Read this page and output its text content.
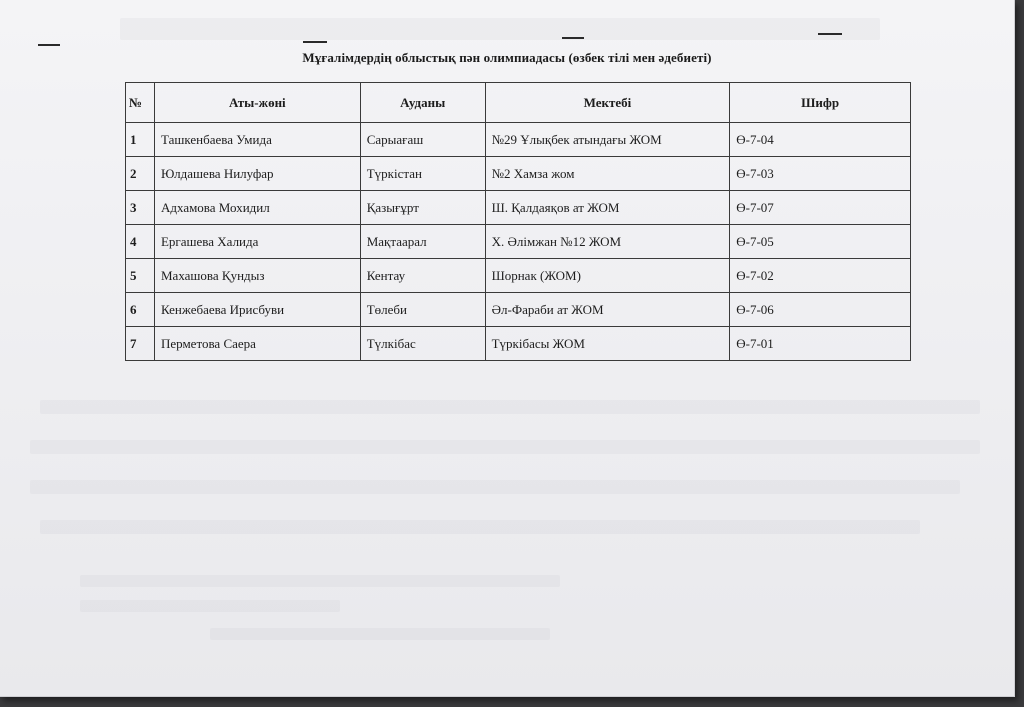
Мұғалімдердің облыстық пән олимпиадасы (өзбек тілі мен әдебиеті)
№	Аты-жөні	Ауданы	Мектебі	Шифр
1	Ташкенбаева Умида	Сарыағаш	№29 Ұлықбек атындағы ЖОМ	Ө-7-04
2	Юлдашева Нилуфар	Түркістан	№2 Хамза жом	Ө-7-03
3	Адхамова Мохидил	Қазығұрт	Ш. Қалдаяқов ат ЖОМ	Ө-7-07
4	Ергашева Халида	Мақтаарал	Х. Әлімжан №12 ЖОМ	Ө-7-05
5	Махашова Қундыз	Кентау	Шорнак (ЖОМ)	Ө-7-02
6	Кенжебаева Ирисбуви	Төлеби	Әл-Фараби ат ЖОМ	Ө-7-06
7	Перметова Саера	Түлкібас	Түркібасы ЖОМ	Ө-7-01
